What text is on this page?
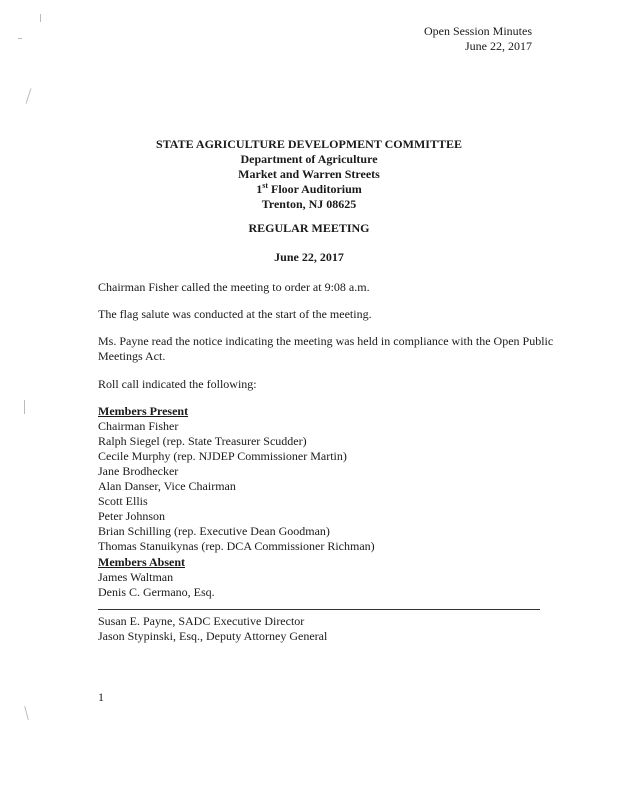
Open Session Minutes
June 22, 2017
STATE AGRICULTURE DEVELOPMENT COMMITTEE
Department of Agriculture
Market and Warren Streets
1st Floor Auditorium
Trenton, NJ 08625
REGULAR MEETING
June 22, 2017
Chairman Fisher called the meeting to order at 9:08 a.m.
The flag salute was conducted at the start of the meeting.
Ms. Payne read the notice indicating the meeting was held in compliance with the Open Public Meetings Act.
Roll call indicated the following:
Members Present
Chairman Fisher
Ralph Siegel (rep. State Treasurer Scudder)
Cecile Murphy (rep. NJDEP Commissioner Martin)
Jane Brodhecker
Alan Danser, Vice Chairman
Scott Ellis
Peter Johnson
Brian Schilling (rep. Executive Dean Goodman)
Thomas Stanuikynas (rep. DCA Commissioner Richman)
Members Absent
James Waltman
Denis C. Germano, Esq.
Susan E. Payne, SADC Executive Director
Jason Stypinski, Esq., Deputy Attorney General
1
